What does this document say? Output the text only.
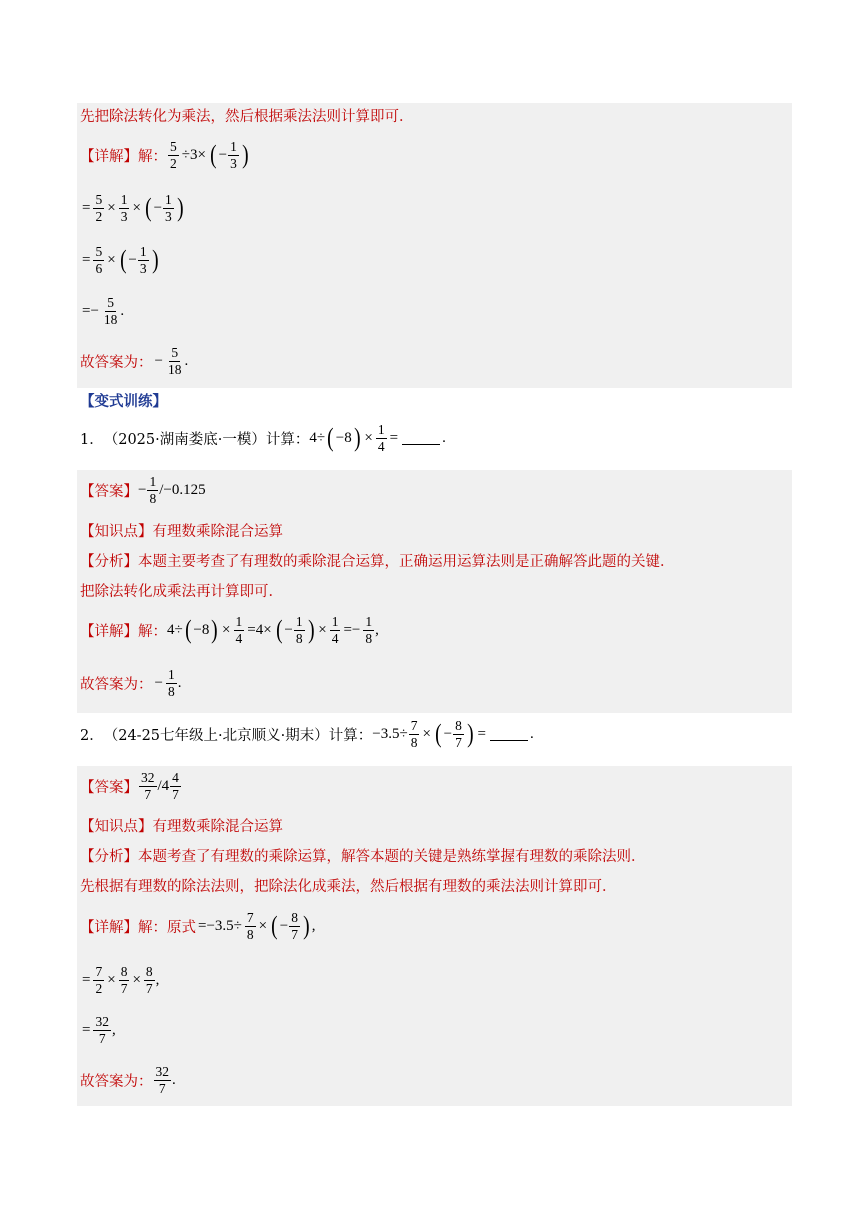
先把除法转化为乘法，然后根据乘法法则计算即可．
【详解】 解： $\frac{5}{2} \div 3\times$ ( − $\frac{1}{3}$ )
= $\frac{5}{2} \times \frac{1}{3}$ × ( − $\frac{1}{3}$ )
= $\frac{5}{6}$ × ( − $\frac{1}{3}$ )
=− $\frac{5}{18}$ .
故答案为： − $\frac{5}{18}$ .
【变式训练】
1． （2025·湖南娄底·一模）计算： 4÷ ( −8 ) × $\frac{1}{4}$ =	.
【答案】 − $\frac{1}{8} / -0.125$
【知识点】 有理数乘除混合运算
【分析】 本题主要考查了有理数的乘除混合运算，正确运用运算法则是正确解答此题的关键．
把除法转化成乘法再计算即可．
【详解】 解： 4÷ ( −8 ) × $\frac{1}{4} =4\times$ ( − $\frac{1}{8}$ ) × $\frac{1}{4} =- \frac{1}{8}$ ,
故答案为： − $\frac{1}{8}$ .
2． （24-25七年级上·北京顺义·期末）计算： $-3.5\div \frac{7}{8}$ × ( − $\frac{8}{7}$ ) =	.
【答案】 $\frac{32}{7} /4 \frac{4}{7}$
【知识点】 有理数乘除混合运算
【分析】 本题考查了有理数的乘除运算，解答本题的关键是熟练掌握有理数的乘除法则．
先根据有理数的除法法则，把除法化成乘法，然后根据有理数的乘法法则计算即可．
【详解】 解：原式 $=-3.5\div \frac{7}{8}$ × ( − $\frac{8}{7}$ ) ,
= $\frac{7}{2} \times \frac{8}{7} \times \frac{8}{7}$ ,
= $\frac{32}{7}$ ,
故答案为： $\frac{32}{7}$ .
